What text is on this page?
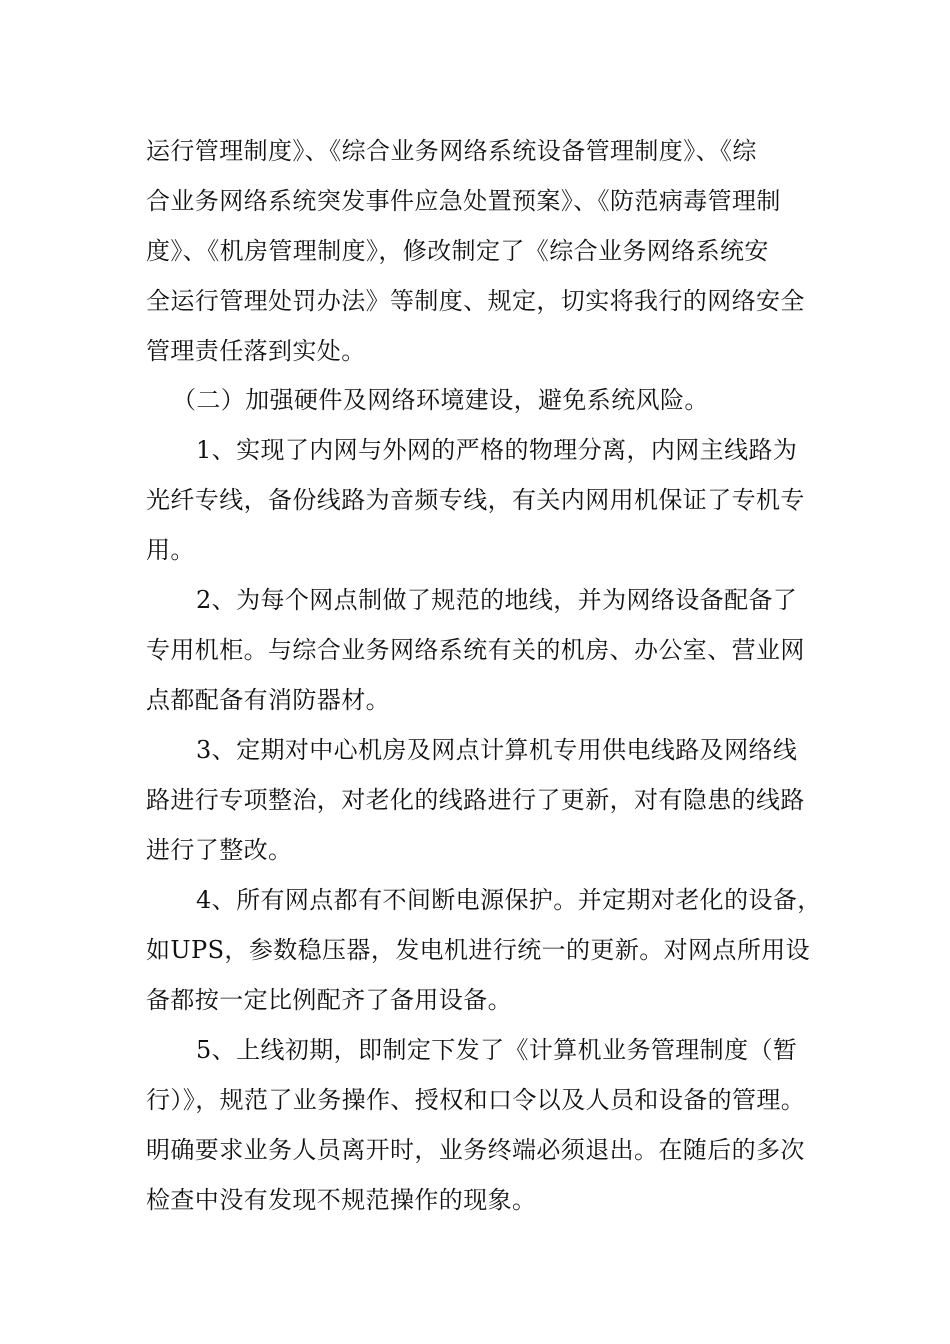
运行管理制度》、《综合业务网络系统设备管理制度》、《综
合业务网络系统突发事件应急处置预案》、《防范病毒管理制
度》、《机房管理制度》，修改制定了《综合业务网络系统安
全运行管理处罚办法》等制度、规定，切实将我行的网络安全
管理责任落到实处。
（二）加强硬件及网络环境建设，避免系统风险。
1、实现了内网与外网的严格的物理分离，内网主线路为
光纤专线，备份线路为音频专线，有关内网用机保证了专机专
用。
2、为每个网点制做了规范的地线，并为网络设备配备了
专用机柜。与综合业务网络系统有关的机房、办公室、营业网
点都配备有消防器材。
3、定期对中心机房及网点计算机专用供电线路及网络线
路进行专项整治，对老化的线路进行了更新，对有隐患的线路
进行了整改。
4、所有网点都有不间断电源保护。并定期对老化的设备，
如UPS，参数稳压器，发电机进行统一的更新。对网点所用设
备都按一定比例配齐了备用设备。
5、上线初期，即制定下发了《计算机业务管理制度（暂
行）》，规范了业务操作、授权和口令以及人员和设备的管理。
明确要求业务人员离开时，业务终端必须退出。在随后的多次
检查中没有发现不规范操作的现象。
